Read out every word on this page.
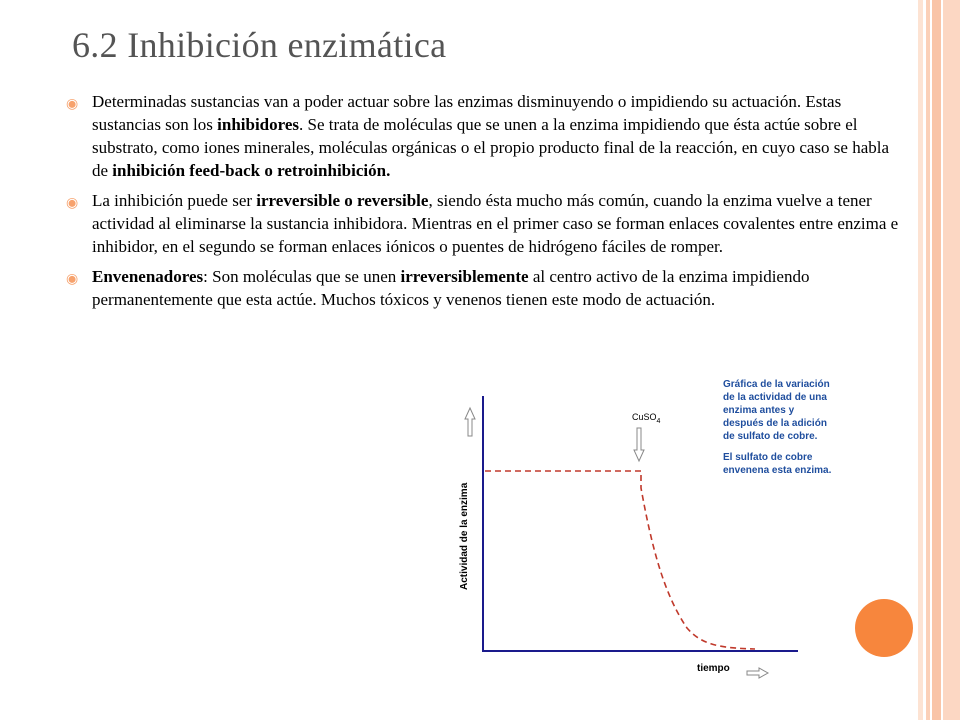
6.2 Inhibición enzimática
◉ Determinadas sustancias van a poder actuar sobre las enzimas disminuyendo o impidiendo su actuación. Estas sustancias son los inhibidores. Se trata de moléculas que se unen a la enzima impidiendo que ésta actúe sobre el substrato, como iones minerales, moléculas orgánicas o el propio producto final de la reacción, en cuyo caso se habla de inhibición feed-back o retroinhibición.
◉ La inhibición puede ser irreversible o reversible, siendo ésta mucho más común, cuando la enzima vuelve a tener actividad al eliminarse la sustancia inhibidora. Mientras en el primer caso se forman enlaces covalentes entre enzima e inhibidor, en el segundo se forman enlaces iónicos o puentes de hidrógeno fáciles de romper.
◉ Envenenadores: Son moléculas que se unen irreversiblemente al centro activo de la enzima impidiendo permanentemente que esta actúe. Muchos tóxicos y venenos tienen este modo de actuación.
Actividad de la enzima
tiempo
CuSO$_4$

Gráfica de la variación de la actividad de una enzima antes y después de la adición de sulfato de cobre.

El sulfato de cobre envenena esta enzima.
